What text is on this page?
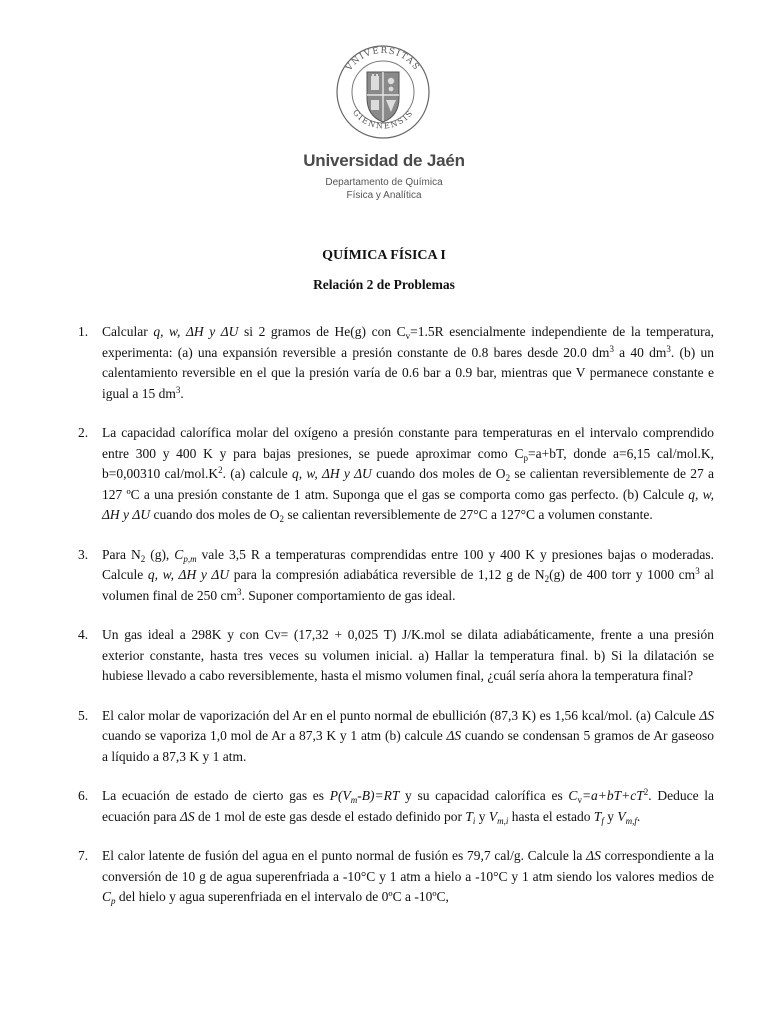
VNIVERSITAS
GIENNENSIS
Universidad de Jaén
Departamento de Química
Física y Analítica
QUÍMICA FÍSICA I
Relación 2 de Problemas
1. Calcular q, w, ΔH y ΔU si 2 gramos de He(g) con $C_v=1.5R$ esencialmente independiente de la temperatura, experimenta: (a) una expansión reversible a presión constante de 0.8 bares desde 20.0 $dm^3$ a 40 $dm^3$. (b) un calentamiento reversible en el que la presión varía de 0.6 bar a 0.9 bar, mientras que V permanece constante e igual a 15 $dm^3$.

2. La capacidad calorífica molar del oxígeno a presión constante para temperaturas en el intervalo comprendido entre 300 y 400 K y para bajas presiones, se puede aproximar como $C_p=a+bT$, donde a=6,15 cal/mol.K, b=0,00310 cal/$mol.K^2$. (a) calcule q, w, ΔH y ΔU cuando dos moles de $O_2$ se calientan reversiblemente de 27 a 127 ºC a una presión constante de 1 atm. Suponga que el gas se comporta como gas perfecto. (b) Calcule q, w, ΔH y ΔU cuando dos moles de $O_2$ se calientan reversiblemente de 27°C a 127°C a volumen constante.

3. Para $N_2$ (g), $C_{p,m}$ vale 3,5 R a temperaturas comprendidas entre 100 y 400 K y presiones bajas o moderadas. Calcule q, w, ΔH y ΔU para la compresión adiabática reversible de 1,12 g de $N_2(g)$ de 400 torr y 1000 $cm^3$ al volumen final de 250 $cm^3$. Suponer comportamiento de gas ideal.

4. Un gas ideal a 298K y con Cv= (17,32 + 0,025 T) J/K.mol se dilata adiabáticamente, frente a una presión exterior constante, hasta tres veces su volumen inicial. a) Hallar la temperatura final. b) Si la dilatación se hubiese llevado a cabo reversiblemente, hasta el mismo volumen final, ¿cuál sería ahora la temperatura final?

5. El calor molar de vaporización del Ar en el punto normal de ebullición (87,3 K) es 1,56 kcal/mol. (a) Calcule ΔS cuando se vaporiza 1,0 mol de Ar a 87,3 K y 1 atm (b) calcule ΔS cuando se condensan 5 gramos de Ar gaseoso a líquido a 87,3 K y 1 atm.

6. La ecuación de estado de cierto gas es $P(V_m-B)=RT$ y su capacidad calorífica es $C_v=a+bT+cT^2$. Deduce la ecuación para ΔS de 1 mol de este gas desde el estado definido por $T_i$ y $V_{m,i}$ hasta el estado $T_f$ y $V_{m,f}$.

7. El calor latente de fusión del agua en el punto normal de fusión es 79,7 cal/g. Calcule la ΔS correspondiente a la conversión de 10 g de agua superenfriada a -10°C y 1 atm a hielo a -10°C y 1 atm siendo los valores medios de $C_p$ del hielo y agua superenfriada en el intervalo de 0ºC a -10ºC,
